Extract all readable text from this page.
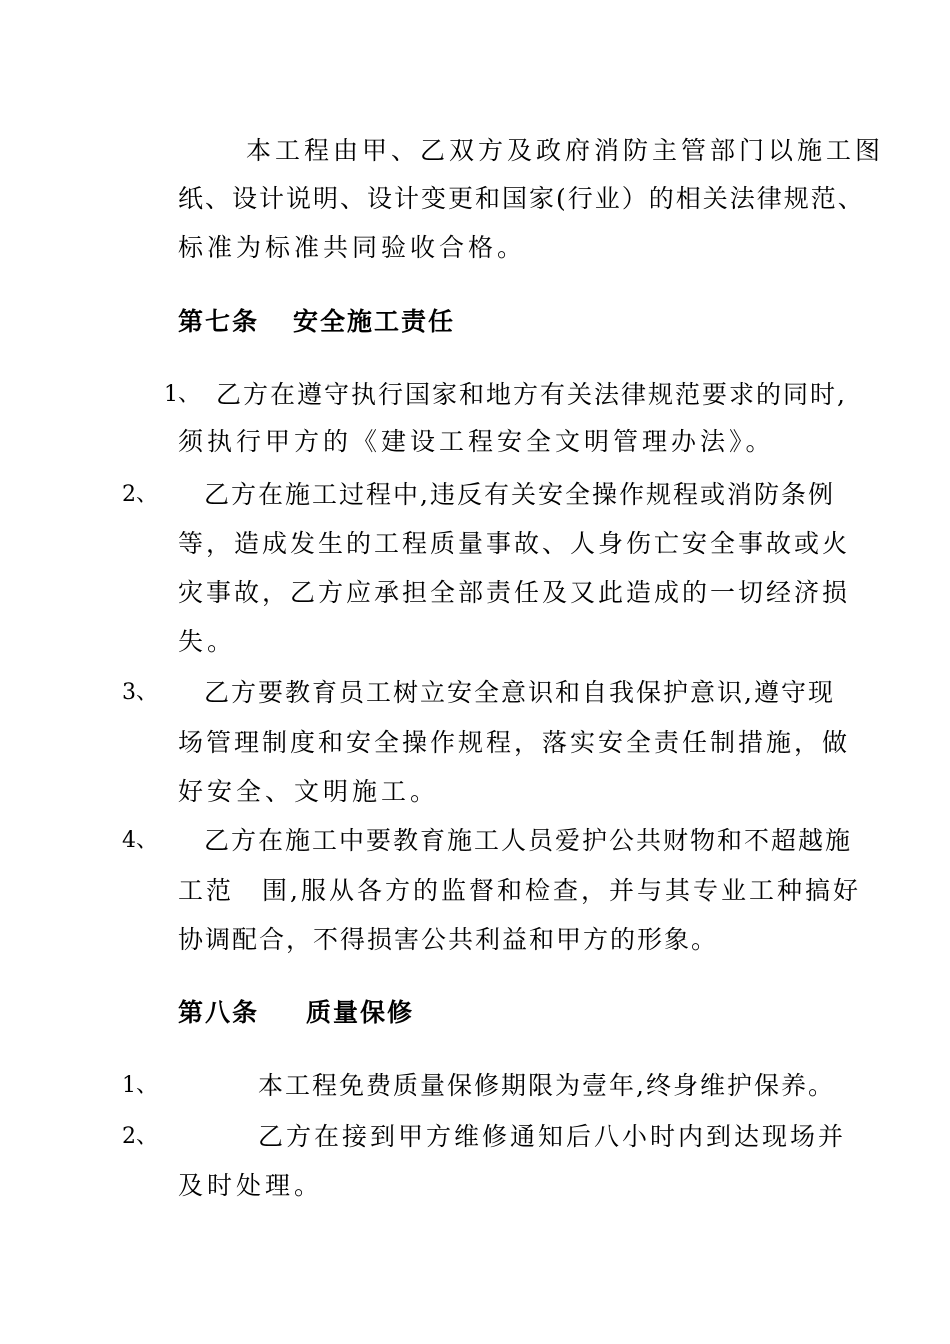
本工程由甲、乙双方及政府消防主管部门以施工图
纸、设计说明、设计变更和国家(行业）的相关法律规范、
标准为标准共同验收合格。
第七条 安全施工责任
1、 乙方在遵守执行国家和地方有关法律规范要求的同时,
须执行甲方的《建设工程安全文明管理办法》。
2、 乙方在施工过程中,违反有关安全操作规程或消防条例
等，造成发生的工程质量事故、人身伤亡安全事故或火
灾事故，乙方应承担全部责任及又此造成的一切经济损
失。
3、 乙方要教育员工树立安全意识和自我保护意识,遵守现
场管理制度和安全操作规程，落实安全责任制措施，做
好安全、文明施工。
4、 乙方在施工中要教育施工人员爱护公共财物和不超越施
工范　围,服从各方的监督和检查，并与其专业工种搞好
协调配合，不得损害公共利益和甲方的形象。
第八条 质量保修
1、	本工程免费质量保修期限为壹年,终身维护保养。
2、	乙方在接到甲方维修通知后八小时内到达现场并
及时处理。
